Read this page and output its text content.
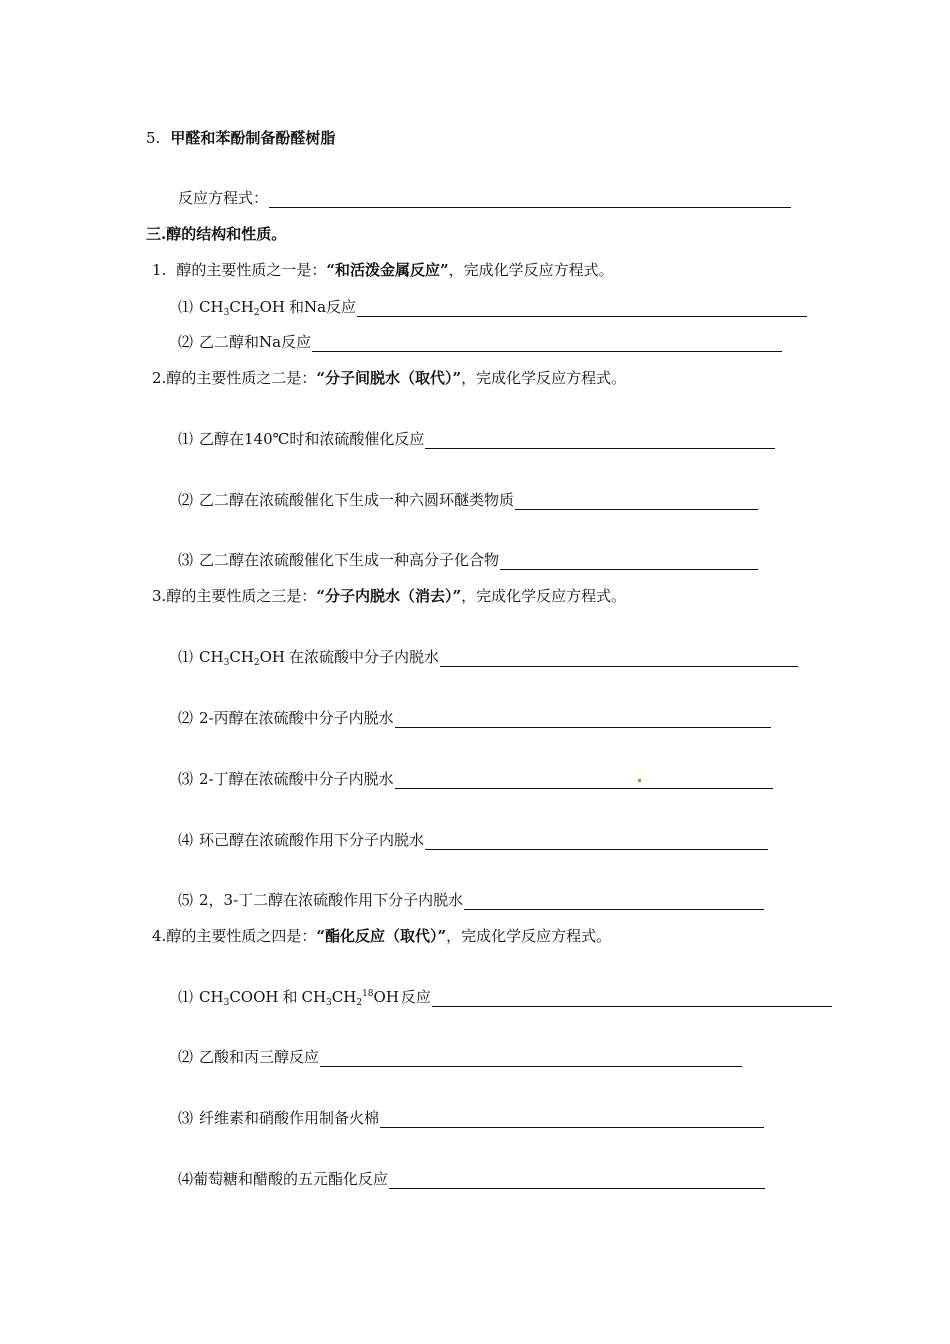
5. 甲醛和苯酚制备酚醛树脂
反应方程式：
三.醇的结构和性质。
1. 醇的主要性质之一是： “和活泼金属反应” ，完成化学反应方程式。
⑴ $CH_3CH_2OH$ 和Na反应
⑵ 乙二醇和Na反应
2. 醇的主要性质之二是： “分子间脱水（取代）” ，完成化学反应方程式。
⑴ 乙醇在140℃时和浓硫酸催化反应
⑵ 乙二醇在浓硫酸催化下生成一种六圆环醚类物质
⑶ 乙二醇在浓硫酸催化下生成一种高分子化合物
3. 醇的主要性质之三是： “分子内脱水（消去）” ，完成化学反应方程式。
⑴ $CH_3CH_2OH$ 在浓硫酸中分子内脱水
⑵ 2-丙醇在浓硫酸中分子内脱水
⑶ 2-丁醇在浓硫酸中分子内脱水
⑷ 环己醇在浓硫酸作用下分子内脱水
⑸ 2，3-丁二醇在浓硫酸作用下分子内脱水
4. 醇的主要性质之四是： “酯化反应（取代）” ，完成化学反应方程式。
⑴ $CH_3COOH$ 和 $CH_3CH_2^{18}OH$ 反应
⑵ 乙酸和丙三醇反应
⑶ 纤维素和硝酸作用制备火棉
⑷ 葡萄糖和醋酸的五元酯化反应
